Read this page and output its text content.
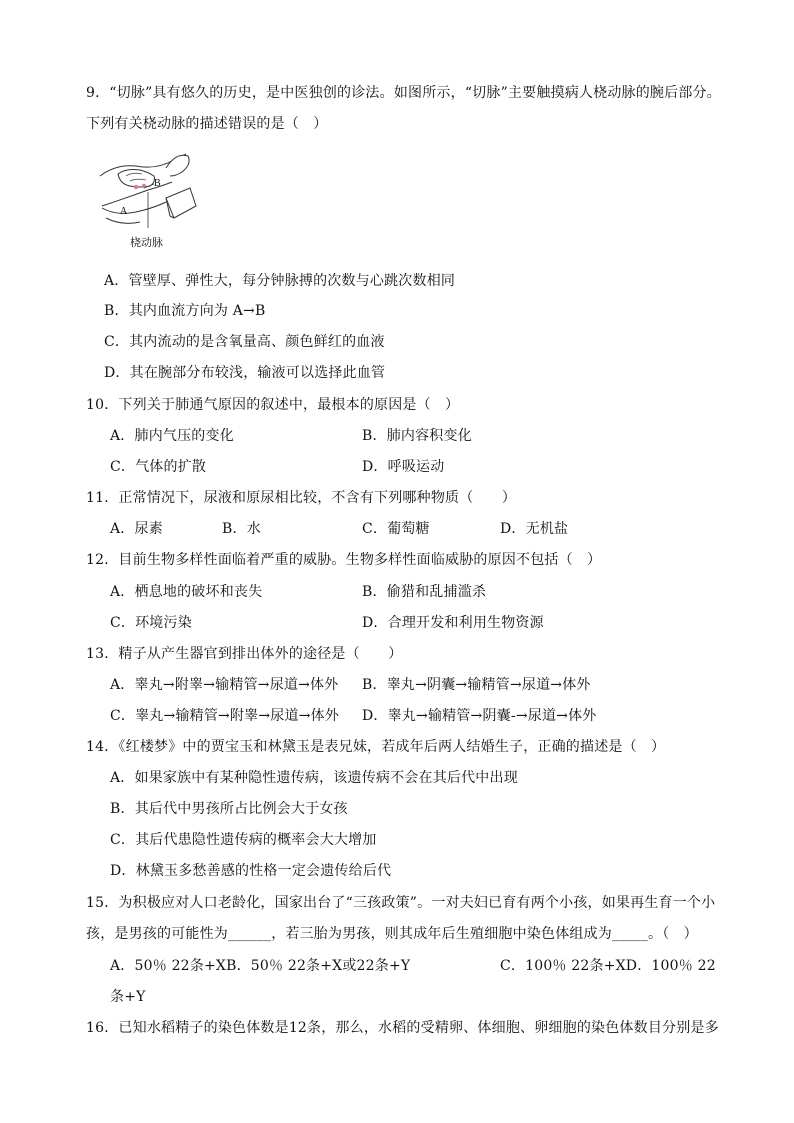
9．“切脉”具有悠久的历史，是中医独创的诊法。如图所示，“切脉”主要触摸病人桡动脉的腕后部分。
下列有关桡动脉的描述错误的是（　）
B
A
桡动脉
A．管壁厚、弹性大，每分钟脉搏的次数与心跳次数相同
B．其内血流方向为 A→B
C．其内流动的是含氧量高、颜色鲜红的血液
D．其在腕部分布较浅，输液可以选择此血管
10．下列关于肺通气原因的叙述中，最根本的原因是（　）
A．肺内气压的变化	B．肺内容积变化
C．气体的扩散	D．呼吸运动
11．正常情况下，尿液和原尿相比较，不含有下列哪种物质（　　）
A．尿素	B．水	C．葡萄糖	D．无机盐
12．目前生物多样性面临着严重的威胁。生物多样性面临威胁的原因不包括（　）
A．栖息地的破坏和丧失	B．偷猎和乱捕滥杀
C．环境污染	D．合理开发和利用生物资源
13．精子从产生器官到排出体外的途径是（　　）
A．睾丸→附睾→输精管→尿道→体外 B．睾丸→阴囊→输精管→尿道→体外
C．睾丸→输精管→附睾→尿道→体外 D．睾丸→输精管→阴囊-→尿道→体外
14．《红楼梦》中的贾宝玉和林黛玉是表兄妹，若成年后两人结婚生子，正确的描述是（　）
A．如果家族中有某种隐性遗传病，该遗传病不会在其后代中出现
B．其后代中男孩所占比例会大于女孩
C．其后代患隐性遗传病的概率会大大增加
D．林黛玉多愁善感的性格一定会遗传给后代
15．为积极应对人口老龄化，国家出台了“三孩政策”。一对夫妇已育有两个小孩，如果再生育一个小
孩，是男孩的可能性为______，若三胎为男孩，则其成年后生殖细胞中染色体组成为_____。（　）
A．50％ 22条+XB．50％ 22条+X或22条+Y	C．100％ 22条+XD．100％ 22
条+Y
16．已知水稻精子的染色体数是12条，那么，水稻的受精卵、体细胞、卵细胞的染色体数目分别是多
